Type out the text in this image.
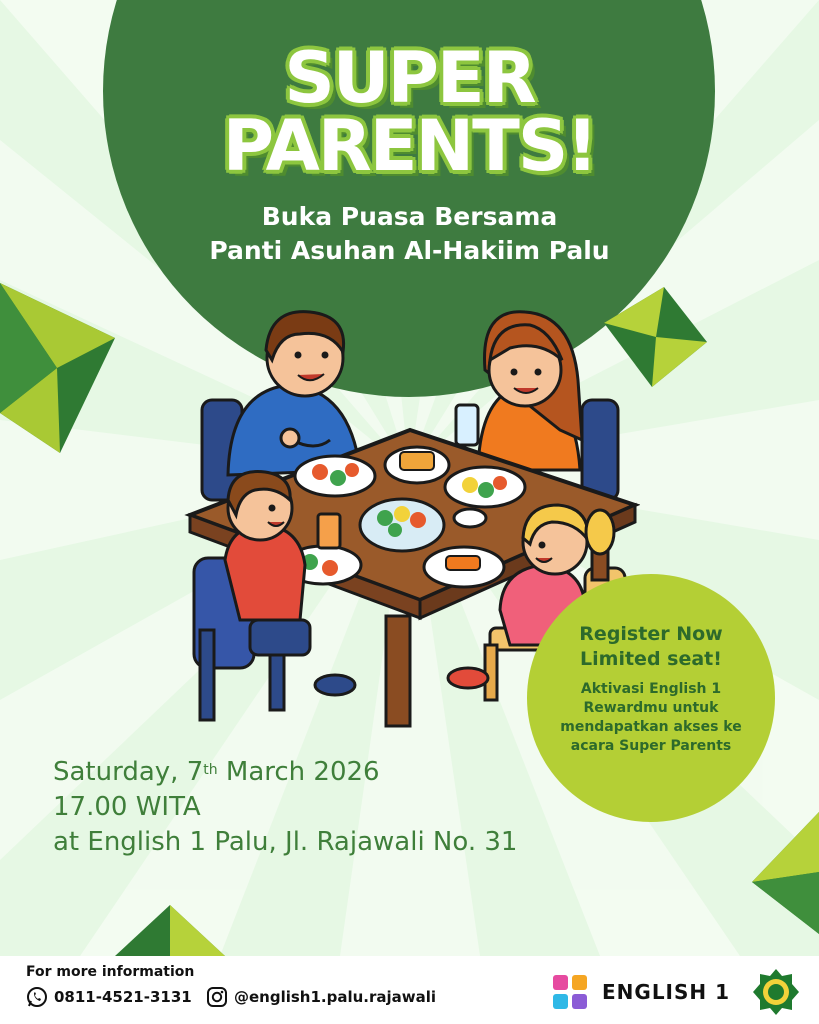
SUPER
PARENTS!
Buka Puasa Bersama
Panti Asuhan Al-Hakiim Palu
Saturday, 7th March 2026
17.00 WITA
at English 1 Palu, Jl. Rajawali No. 31
Register Now
Limited seat!
Aktivasi English 1 Rewardmu untuk mendapatkan akses ke acara Super Parents
For more information
0811-4521-3131	@english1.palu.rajawali	ENGLISH 1
